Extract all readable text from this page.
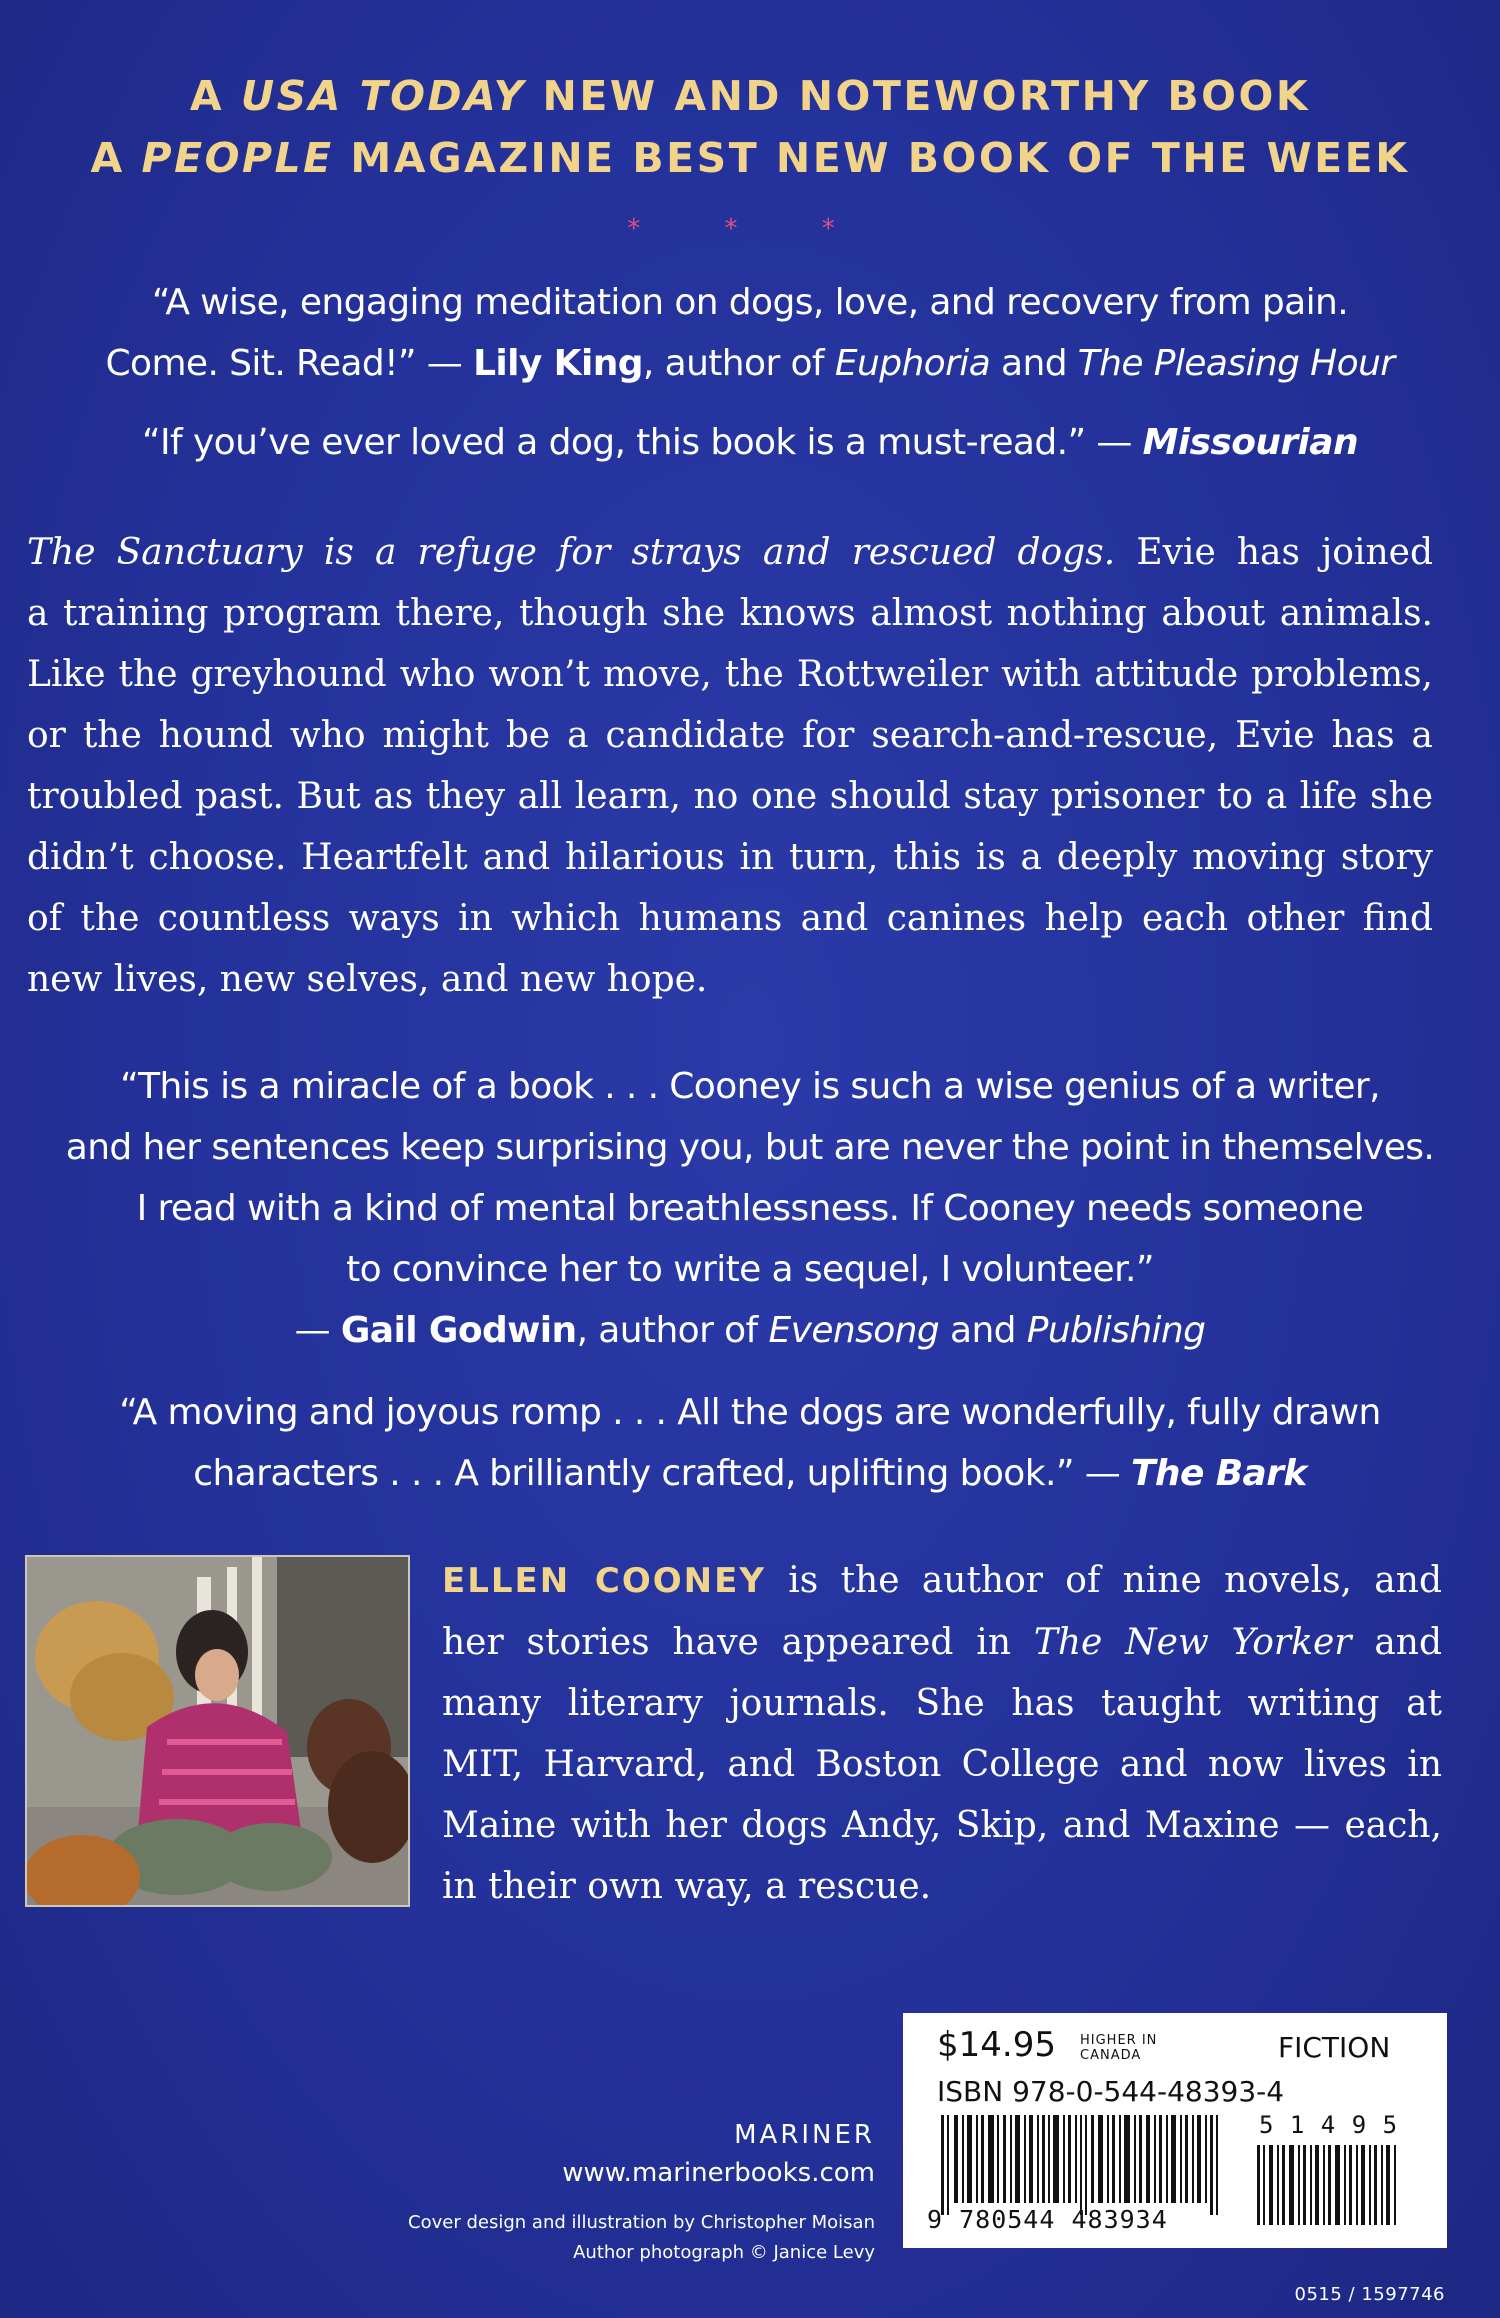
A USA TODAY NEW AND NOTEWORTHY BOOK
A PEOPLE MAGAZINE BEST NEW BOOK OF THE WEEK
* * *
“A wise, engaging meditation on dogs, love, and recovery from pain.
Come. Sit. Read!” — Lily King, author of Euphoria and The Pleasing Hour
“If you’ve ever loved a dog, this book is a must-read.” — Missourian
The Sanctuary is a refuge for strays and rescued dogs. Evie has joined
a training program there, though she knows almost nothing about animals.
Like the greyhound who won’t move, the Rottweiler with attitude problems,
or the hound who might be a candidate for search-and-rescue, Evie has a
troubled past. But as they all learn, no one should stay prisoner to a life she
didn’t choose. Heartfelt and hilarious in turn, this is a deeply moving story
of the countless ways in which humans and canines help each other find
new lives, new selves, and new hope.
“This is a miracle of a book . . . Cooney is such a wise genius of a writer,
and her sentences keep surprising you, but are never the point in themselves.
I read with a kind of mental breathlessness. If Cooney needs someone
to convince her to write a sequel, I volunteer.”
— Gail Godwin, author of Evensong and Publishing
“A moving and joyous romp . . . All the dogs are wonderfully, fully drawn
characters . . . A brilliantly crafted, uplifting book.” — The Bark
ELLEN COONEY is the author of nine novels, and
her stories have appeared in The New Yorker and
many literary journals. She has taught writing at
MIT, Harvard, and Boston College and now lives in
Maine with her dogs Andy, Skip, and Maxine — each,
in their own way, a rescue.
MARINER
www.marinerbooks.com
Cover design and illustration by Christopher Moisan
Author photograph © Janice Levy
$14.95 HIGHER IN
CANADA	FICTION
ISBN 978-0-544-48393-4
9 780544 483934
5 1 4 9 5
0515 / 1597746
